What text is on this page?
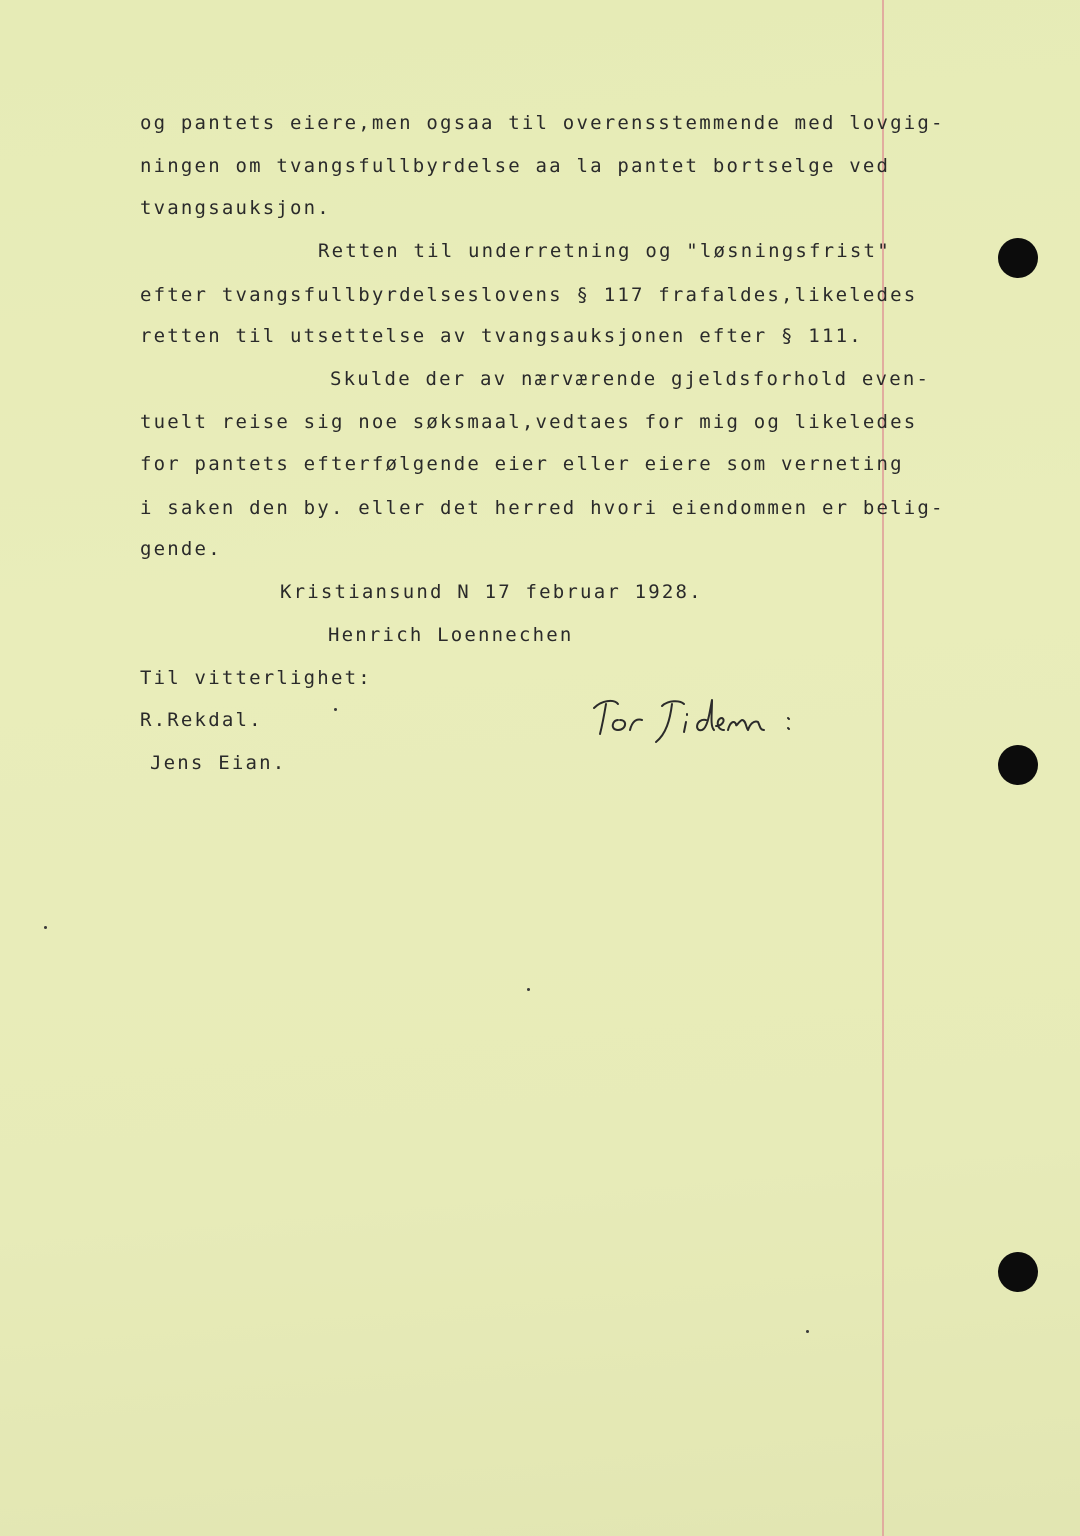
og pantets eiere,men ogsaa til overensstemmende med lovgig-
ningen om tvangsfullbyrdelse aa la pantet bortselge ved
tvangsauksjon.
Retten til underretning og "løsningsfrist"
efter tvangsfullbyrdelseslovens § 117 frafaldes,likeledes
retten til utsettelse av tvangsauksjonen efter § 111.
Skulde der av nærværende gjeldsforhold even-
tuelt reise sig noe søksmaal,vedtaes for mig og likeledes
for pantets efterfølgende eier eller eiere som verneting
i saken den by. eller det herred hvori eiendommen er belig-
gende.
Kristiansund N 17 februar 1928.
Henrich Loennechen
Til vitterlighet:
R.Rekdal.
Jens Eian.
